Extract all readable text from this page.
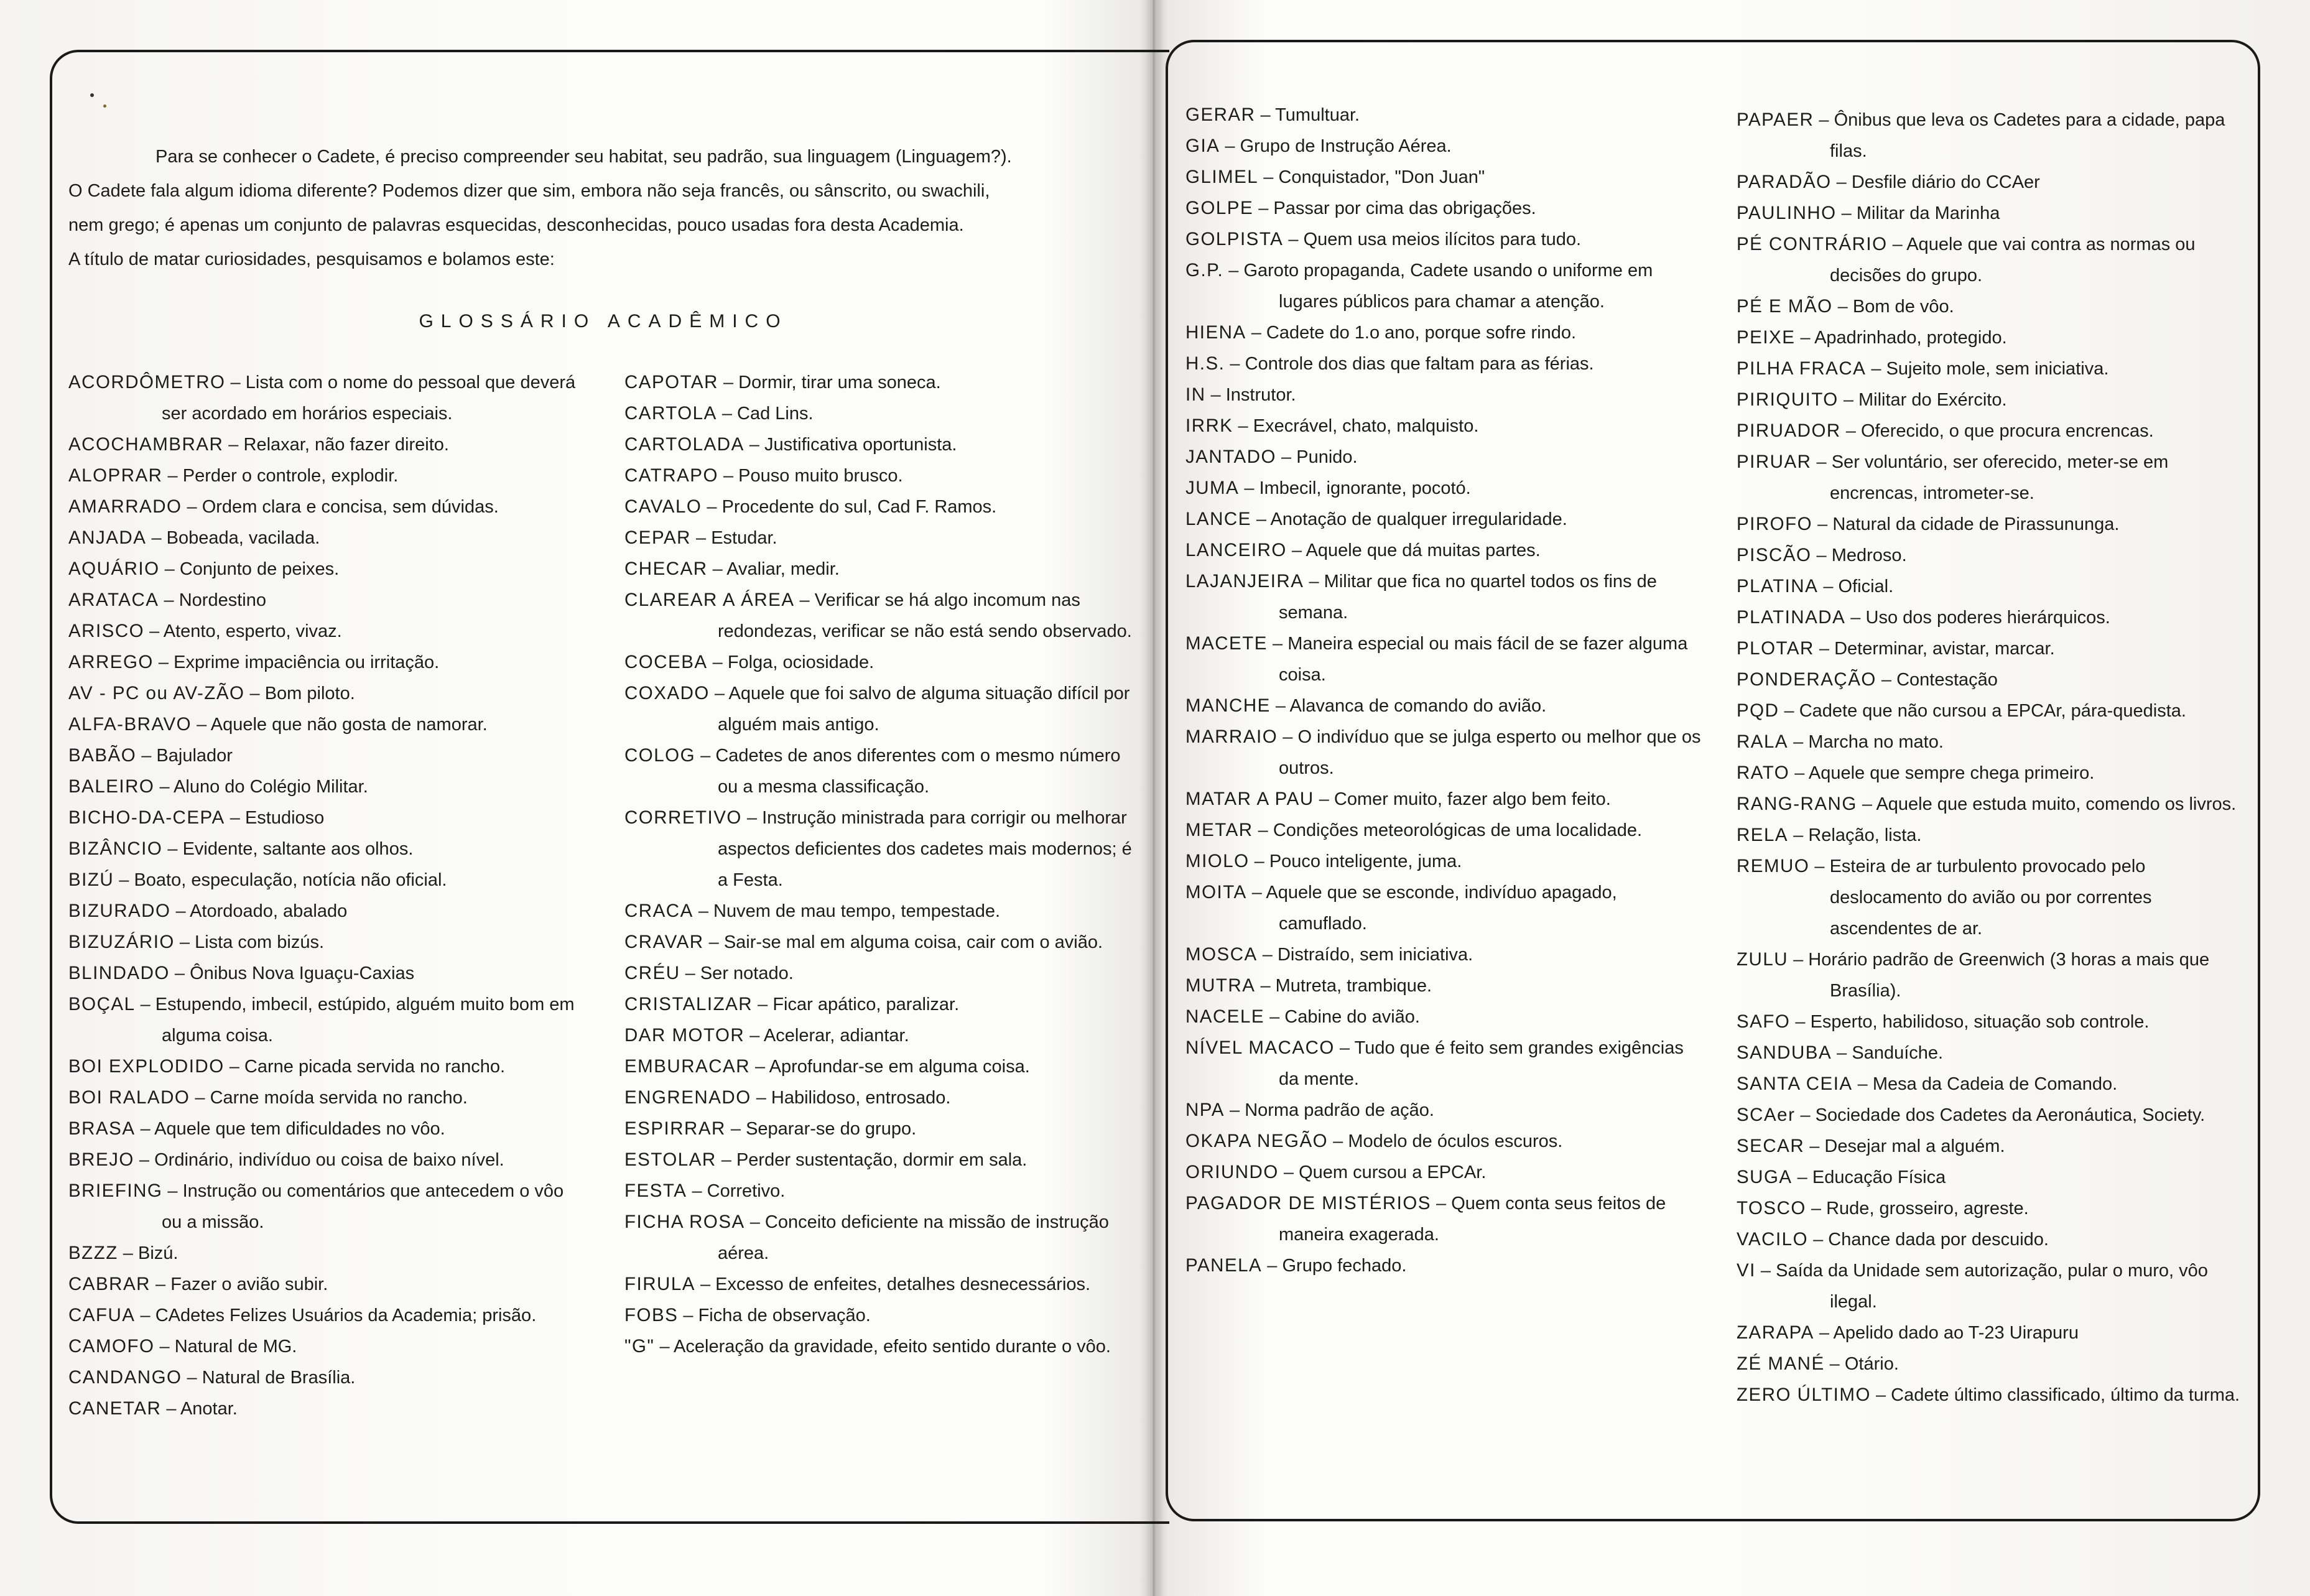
Para se conhecer o Cadete, é preciso compreender seu habitat, seu padrão, sua linguagem (Linguagem?).

O Cadete fala algum idioma diferente? Podemos dizer que sim, embora não seja francês, ou sânscrito, ou swachili,

nem grego; é apenas um conjunto de palavras esquecidas, desconhecidas, pouco usadas fora desta Academia.

A título de matar curiosidades, pesquisamos e bolamos este:

GLOSSÁRIO ACADÊMICO

ACORDÔMETRO – Lista com o nome do pessoal que deverá ser acordado em horários especiais.

ACOCHAMBRAR – Relaxar, não fazer direito.

ALOPRAR – Perder o controle, explodir.

AMARRADO – Ordem clara e concisa, sem dúvidas.

ANJADA – Bobeada, vacilada.

AQUÁRIO – Conjunto de peixes.

ARATACA – Nordestino

ARISCO – Atento, esperto, vivaz.

ARREGO – Exprime impaciência ou irritação.

AV - PC ou AV-ZÃO – Bom piloto.

ALFA-BRAVO – Aquele que não gosta de namorar.

BABÃO – Bajulador

BALEIRO – Aluno do Colégio Militar.

BICHO-DA-CEPA – Estudioso

BIZÂNCIO – Evidente, saltante aos olhos.

BIZÚ – Boato, especulação, notícia não oficial.

BIZURADO – Atordoado, abalado

BIZUZÁRIO – Lista com bizús.

BLINDADO – Ônibus Nova Iguaçu-Caxias

BOÇAL – Estupendo, imbecil, estúpido, alguém muito bom em alguma coisa.

BOI EXPLODIDO – Carne picada servida no rancho.

BOI RALADO – Carne moída servida no rancho.

BRASA – Aquele que tem dificuldades no vôo.

BREJO – Ordinário, indivíduo ou coisa de baixo nível.

BRIEFING – Instrução ou comentários que antecedem o vôo ou a missão.

BZZZ – Bizú.

CABRAR – Fazer o avião subir.

CAFUA – CAdetes Felizes Usuários da Academia; prisão.

CAMOFO – Natural de MG.

CANDANGO – Natural de Brasília.

CANETAR – Anotar.

CAPOTAR – Dormir, tirar uma soneca.

CARTOLA – Cad Lins.

CARTOLADA – Justificativa oportunista.

CATRAPO – Pouso muito brusco.

CAVALO – Procedente do sul, Cad F. Ramos.

CEPAR – Estudar.

CHECAR – Avaliar, medir.

CLAREAR A ÁREA – Verificar se há algo incomum nas redondezas, verificar se não está sendo observado.

COCEBA – Folga, ociosidade.

COXADO – Aquele que foi salvo de alguma situação difícil por alguém mais antigo.

COLOG – Cadetes de anos diferentes com o mesmo número ou a mesma classificação.

CORRETIVO – Instrução ministrada para corrigir ou melhorar aspectos deficientes dos cadetes mais modernos; é a Festa.

CRACA – Nuvem de mau tempo, tempestade.

CRAVAR – Sair-se mal em alguma coisa, cair com o avião.

CRÉU – Ser notado.

CRISTALIZAR – Ficar apático, paralizar.

DAR MOTOR – Acelerar, adiantar.

EMBURACAR – Aprofundar-se em alguma coisa.

ENGRENADO – Habilidoso, entrosado.

ESPIRRAR – Separar-se do grupo.

ESTOLAR – Perder sustentação, dormir em sala.

FESTA – Corretivo.

FICHA ROSA – Conceito deficiente na missão de instrução aérea.

FIRULA – Excesso de enfeites, detalhes desnecessários.

FOBS – Ficha de observação.

"G" – Aceleração da gravidade, efeito sentido durante o vôo.

GERAR – Tumultuar.

GIA – Grupo de Instrução Aérea.

GLIMEL – Conquistador, "Don Juan"

GOLPE – Passar por cima das obrigações.

GOLPISTA – Quem usa meios ilícitos para tudo.

G.P. – Garoto propaganda, Cadete usando o uniforme em lugares públicos para chamar a atenção.

HIENA – Cadete do 1.o ano, porque sofre rindo.

H.S. – Controle dos dias que faltam para as férias.

IN – Instrutor.

IRRK – Execrável, chato, malquisto.

JANTADO – Punido.

JUMA – Imbecil, ignorante, pocotó.

LANCE – Anotação de qualquer irregularidade.

LANCEIRO – Aquele que dá muitas partes.

LAJANJEIRA – Militar que fica no quartel todos os fins de semana.

MACETE – Maneira especial ou mais fácil de se fazer alguma coisa.

MANCHE – Alavanca de comando do avião.

MARRAIO – O indivíduo que se julga esperto ou melhor que os outros.

MATAR A PAU – Comer muito, fazer algo bem feito.

METAR – Condições meteorológicas de uma localidade.

MIOLO – Pouco inteligente, juma.

MOITA – Aquele que se esconde, indivíduo apagado, camuflado.

MOSCA – Distraído, sem iniciativa.

MUTRA – Mutreta, trambique.

NACELE – Cabine do avião.

NÍVEL MACACO – Tudo que é feito sem grandes exigências da mente.

NPA – Norma padrão de ação.

OKAPA NEGÃO – Modelo de óculos escuros.

ORIUNDO – Quem cursou a EPCAr.

PAGADOR DE MISTÉRIOS – Quem conta seus feitos de maneira exagerada.

PANELA – Grupo fechado.

PAPAER – Ônibus que leva os Cadetes para a cidade, papa filas.

PARADÃO – Desfile diário do CCAer

PAULINHO – Militar da Marinha

PÉ CONTRÁRIO – Aquele que vai contra as normas ou decisões do grupo.

PÉ E MÃO – Bom de vôo.

PEIXE – Apadrinhado, protegido.

PILHA FRACA – Sujeito mole, sem iniciativa.

PIRIQUITO – Militar do Exército.

PIRUADOR – Oferecido, o que procura encrencas.

PIRUAR – Ser voluntário, ser oferecido, meter-se em encrencas, intrometer-se.

PIROFO – Natural da cidade de Pirassununga.

PISCÃO – Medroso.

PLATINA – Oficial.

PLATINADA – Uso dos poderes hierárquicos.

PLOTAR – Determinar, avistar, marcar.

PONDERAÇÃO – Contestação

PQD – Cadete que não cursou a EPCAr, pára-quedista.

RALA – Marcha no mato.

RATO – Aquele que sempre chega primeiro.

RANG-RANG – Aquele que estuda muito, comendo os livros.

RELA – Relação, lista.

REMUO – Esteira de ar turbulento provocado pelo deslocamento do avião ou por correntes ascendentes de ar.

ZULU – Horário padrão de Greenwich (3 horas a mais que Brasília).

SAFO – Esperto, habilidoso, situação sob controle.

SANDUBA – Sanduíche.

SANTA CEIA – Mesa da Cadeia de Comando.

SCAer – Sociedade dos Cadetes da Aeronáutica, Society.

SECAR – Desejar mal a alguém.

SUGA – Educação Física

TOSCO – Rude, grosseiro, agreste.

VACILO – Chance dada por descuido.

VI – Saída da Unidade sem autorização, pular o muro, vôo ilegal.

ZARAPA – Apelido dado ao T-23 Uirapuru

ZÉ MANÉ – Otário.

ZERO ÚLTIMO – Cadete último classificado, último da turma.
